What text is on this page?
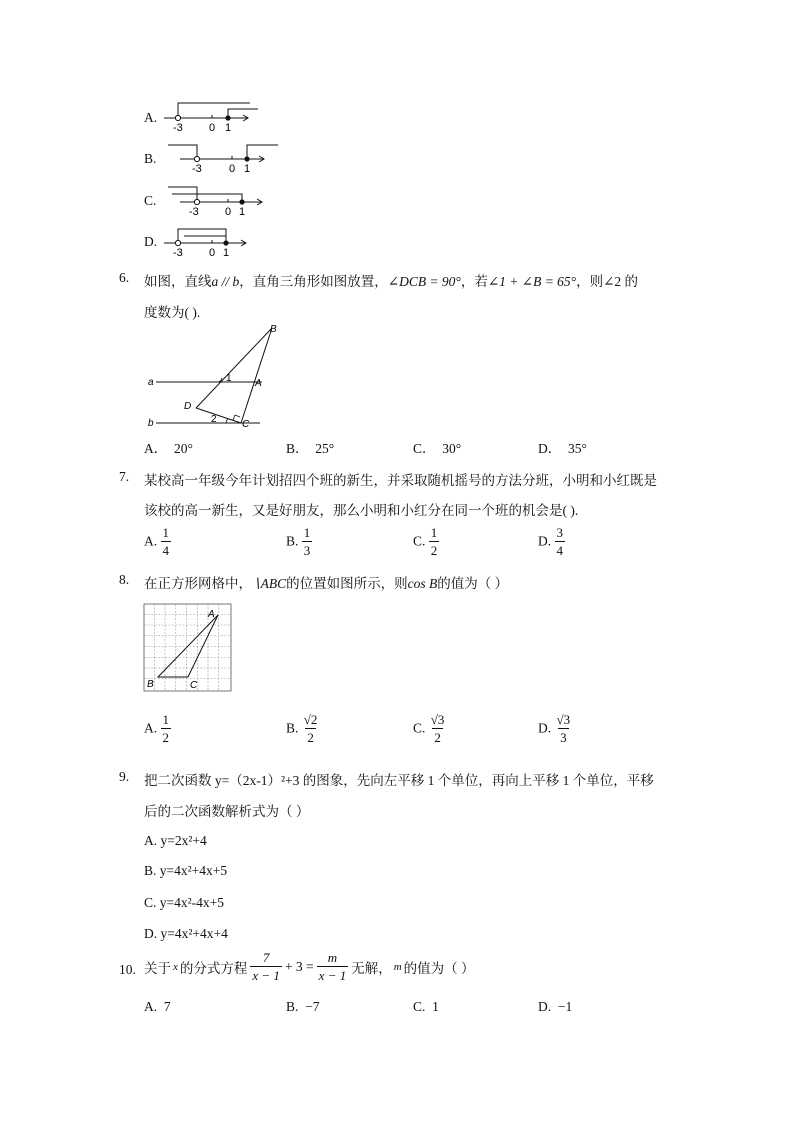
A.
-3 0 1
B.
-3 0 1
C.
-3 0 1
D.
-3 0 1
6. 如图，直线a // b，直角三角形如图放置，∠DCB = 90°，若∠1 + ∠B = 65°，则∠2 的
度数为( ).
a
b
B
A
C
D
1
2
A． 20°	B． 25°	C． 30°	D． 35°
7. 某校高一年级今年计划招四个班的新生，并采取随机摇号的方法分班，小明和小红既是
该校的高一新生，又是好朋友，那么小明和小红分在同一个班的机会是( ).
A. $\frac{1}{4}$	B. $\frac{1}{3}$	C. $\frac{1}{2}$	D. $\frac{3}{4}$
8. 在正方形网格中，∖ABC的位置如图所示，则cos B的值为（ ）
A
B	C
A. $\frac{1}{2}$	B. $\frac{√2}{2}$	C. $\frac{√3}{2}$	D. $\frac{√3}{3}$
9. 把二次函数 y=（2x-1）²+3 的图象，先向左平移 1 个单位，再向上平移 1 个单位，平移
后的二次函数解析式为（ ）
A. y=2x²+4
B. y=4x²+4x+5
C. y=4x²-4x+5
D. y=4x²+4x+4
10. 关于 x 的分式方程 $\frac{7}{x - 1} + 3 = \frac{m}{x - 1}$ 无解， m 的值为（ ）
A. 7	B. −7	C. 1	D. −1
